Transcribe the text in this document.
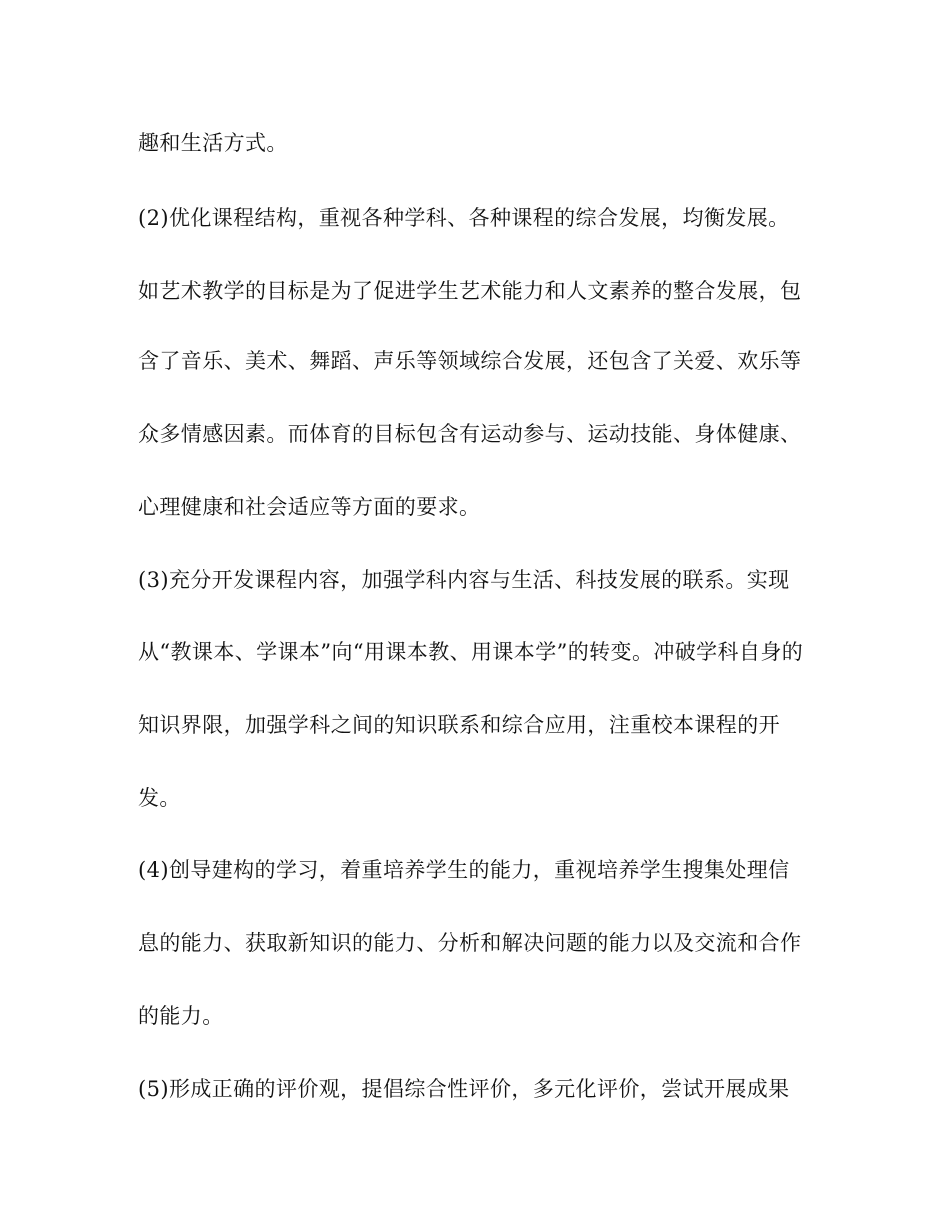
趣和生活方式。
(2)优化课程结构，重视各种学科、各种课程的综合发展，均衡发展。
如艺术教学的目标是为了促进学生艺术能力和人文素养的整合发展，包
含了音乐、美术、舞蹈、声乐等领域综合发展，还包含了关爱、欢乐等
众多情感因素。而体育的目标包含有运动参与、运动技能、身体健康、
心理健康和社会适应等方面的要求。
(3)充分开发课程内容，加强学科内容与生活、科技发展的联系。实现
从“教课本、学课本”向“用课本教、用课本学”的转变。冲破学科自身的
知识界限，加强学科之间的知识联系和综合应用，注重校本课程的开
发。
(4)创导建构的学习，着重培养学生的能力，重视培养学生搜集处理信
息的能力、获取新知识的能力、分析和解决问题的能力以及交流和合作
的能力。
(5)形成正确的评价观，提倡综合性评价，多元化评价，尝试开展成果
